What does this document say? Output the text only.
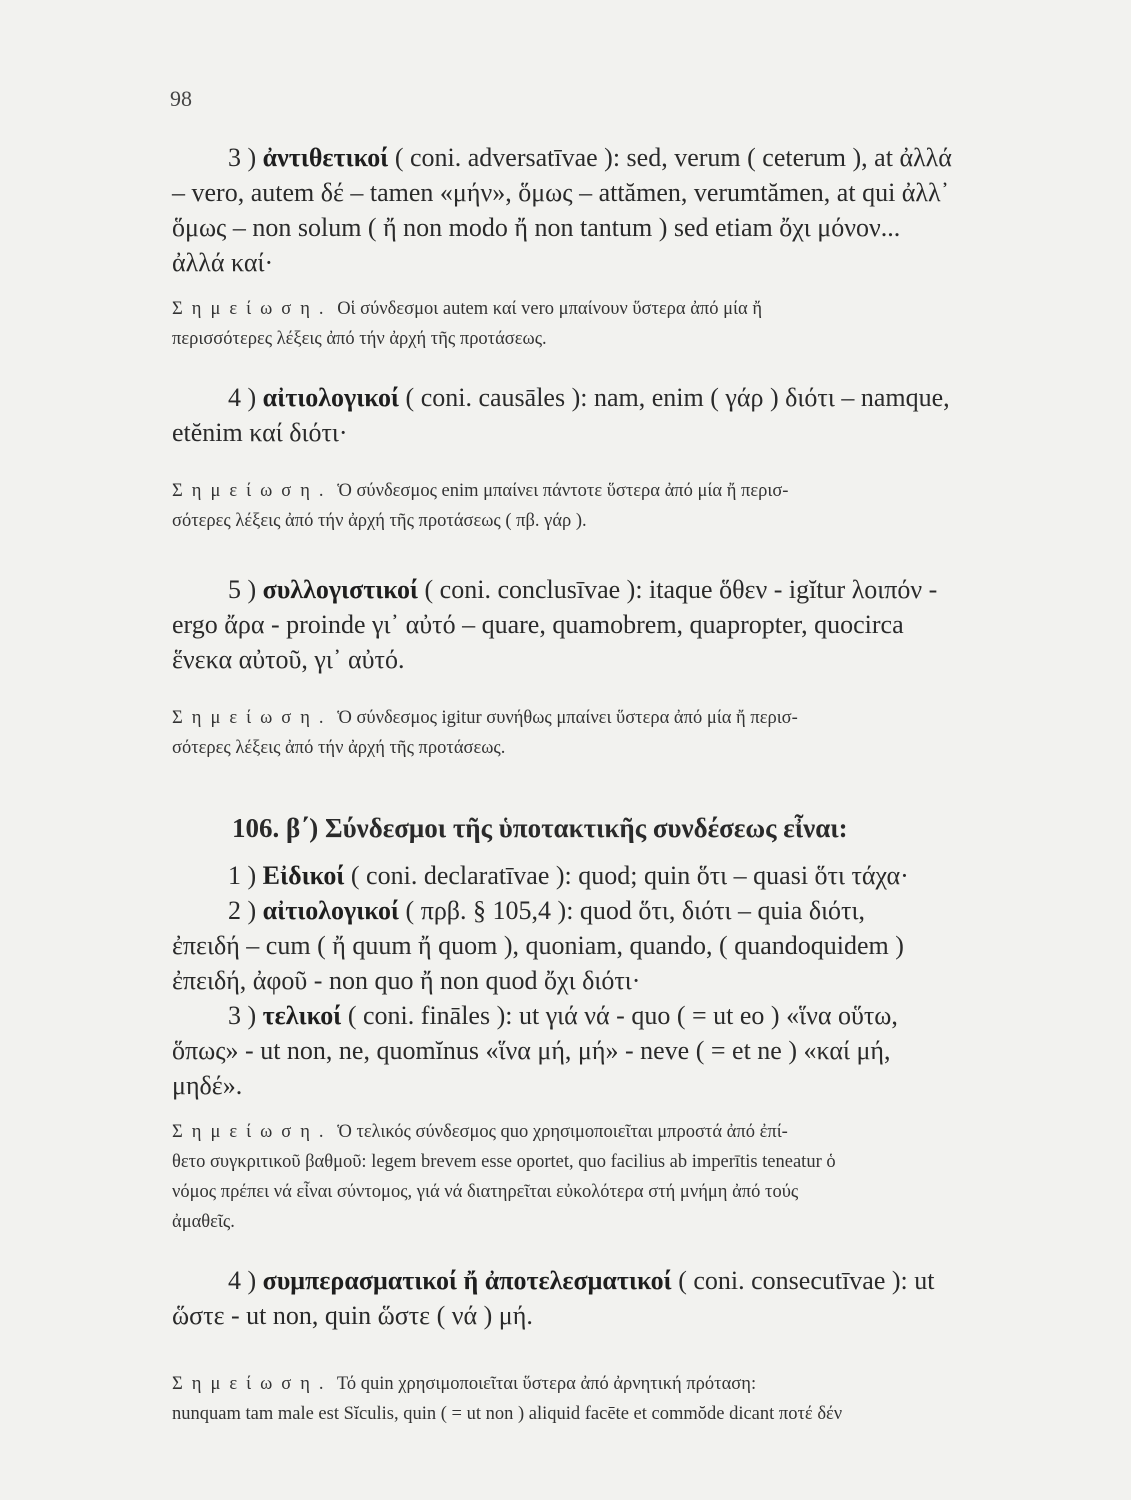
98

3 ) ἀντιθετικοί ( coni. adversatīvae ): sed, verum ( ceterum ), at ἀλλά
– vero, autem δέ – tamen «μήν», ὅμως – attămen, verumtămen, at qui ἀλλ᾽
ὅμως – non solum ( ἤ non modo ἤ non tantum ) sed etiam ὄχι μόνον...
ἀλλά καί·

Σημείωση. Οἱ σύνδεσμοι autem καί vero μπαίνουν ὕστερα ἀπό μία ἤ
περισσότερες λέξεις ἀπό τήν ἀρχή τῆς προτάσεως.

4 ) αἰτιολογικοί ( coni. causāles ): nam, enim ( γάρ ) διότι – namque,
etĕnim καί διότι·

Σημείωση. Ὁ σύνδεσμος enim μπαίνει πάντοτε ὕστερα ἀπό μία ἤ περισ-
σότερες λέξεις ἀπό τήν ἀρχή τῆς προτάσεως ( πβ. γάρ ).

5 ) συλλογιστικοί ( coni. conclusīvae ): itaque ὅθεν - igĭtur λοιπόν -
ergo ἄρα - proinde γι᾽ αὐτό – quare, quamobrem, quapropter, quocirca
ἕνεκα αὐτοῦ, γι᾽ αὐτό.

Σημείωση. Ὁ σύνδεσμος igitur συνήθως μπαίνει ὕστερα ἀπό μία ἤ περισ-
σότερες λέξεις ἀπό τήν ἀρχή τῆς προτάσεως.

106. β΄) Σύνδεσμοι τῆς ὑποτακτικῆς συνδέσεως εἶναι:

1 ) Εἰδικοί ( coni. declaratīvae ): quod; quin ὅτι – quasi ὅτι τάχα·

2 ) αἰτιολογικοί ( πρβ. § 105,4 ): quod ὅτι, διότι – quia διότι,
ἐπειδή – cum ( ἤ quum ἤ quom ), quoniam, quando, ( quandoquidem )
ἐπειδή, ἀφοῦ - non quo ἤ non quod ὄχι διότι·

3 ) τελικοί ( coni. fināles ): ut γιά νά - quo ( = ut eo ) «ἵνα οὕτω,
ὅπως» - ut non, ne, quomĭnus «ἵνα μή, μή» - neve ( = et ne ) «καί μή,
μηδέ».

Σημείωση. Ὁ τελικός σύνδεσμος quo χρησιμοποιεῖται μπροστά ἀπό ἐπί-
θετο συγκριτικοῦ βαθμοῦ: legem brevem esse oportet, quo facilius ab imperītis teneatur ὁ
νόμος πρέπει νά εἶναι σύντομος, γιά νά διατηρεῖται εὐκολότερα στή μνήμη ἀπό τούς
ἀμαθεῖς.

4 ) συμπερασματικοί ἤ ἀποτελεσματικοί ( coni. consecutīvae ): ut
ὥστε - ut non, quin ὥστε ( νά ) μή.

Σημείωση. Τό quin χρησιμοποιεῖται ὕστερα ἀπό ἀρνητική πρόταση:
nunquam tam male est Sĭculis, quin ( = ut non ) aliquid facēte et commŏde dicant ποτέ δέν
